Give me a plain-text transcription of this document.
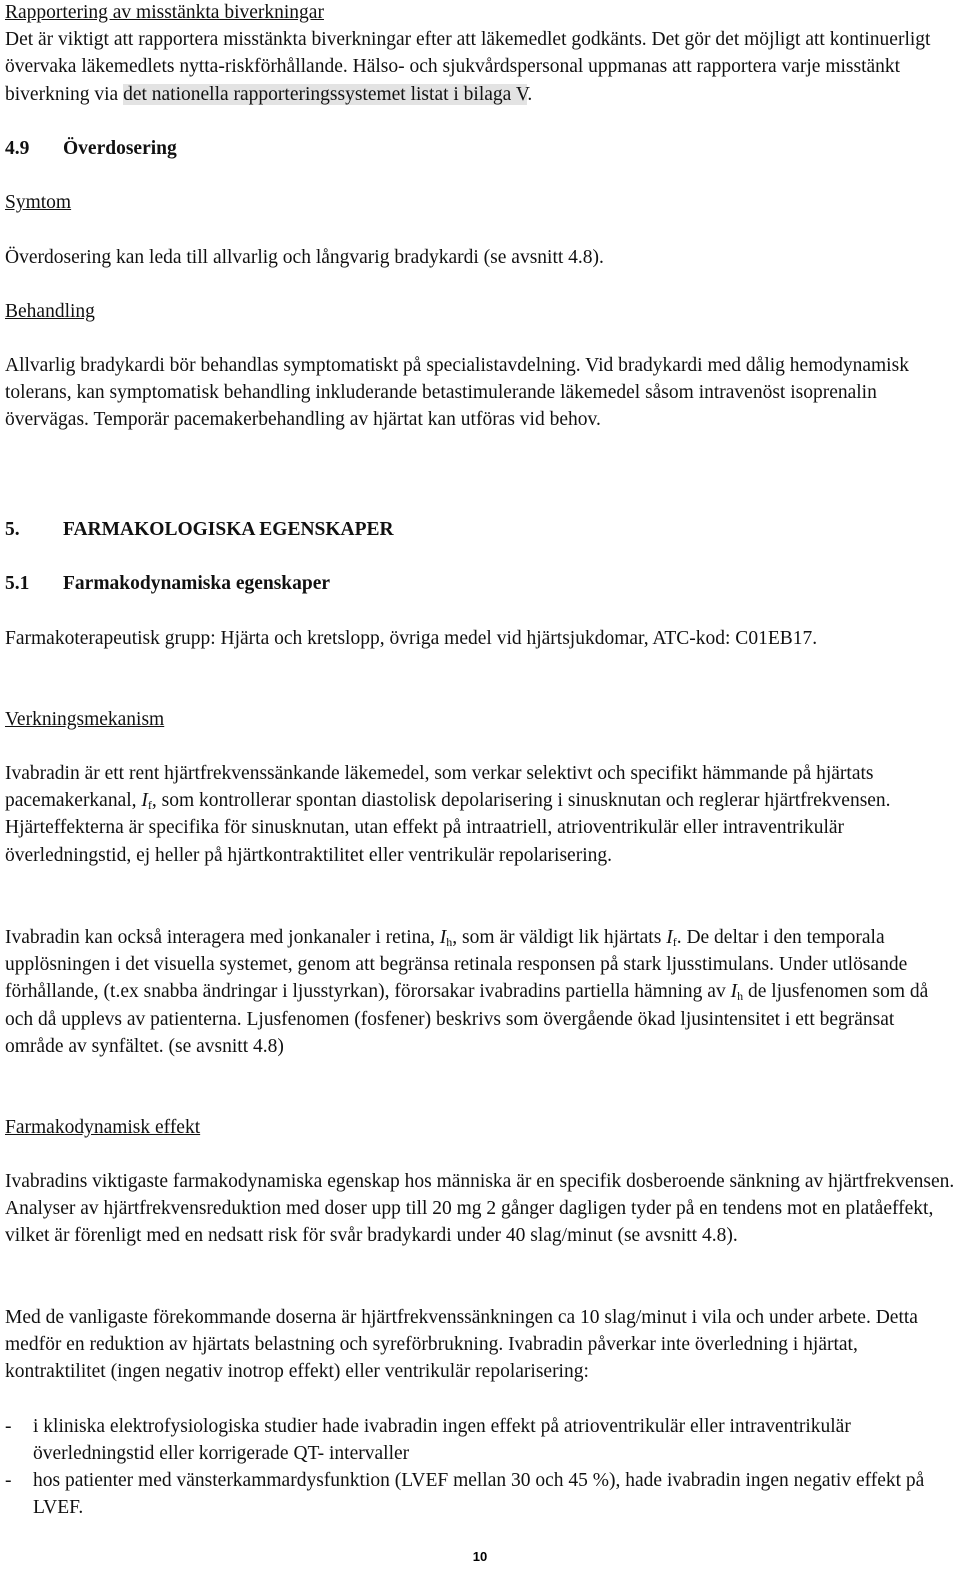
Rapportering av misstänkta biverkningar
Det är viktigt att rapportera misstänkta biverkningar efter att läkemedlet godkänts. Det gör det möjligt att kontinuerligt övervaka läkemedlets nytta-riskförhållande. Hälso- och sjukvårdspersonal uppmanas att rapportera varje misstänkt biverkning via det nationella rapporteringssystemet listat i bilaga V.

4.9 Överdosering
Symtom
Överdosering kan leda till allvarlig och långvarig bradykardi (se avsnitt 4.8).
Behandling

Allvarlig bradykardi bör behandlas symptomatiskt på specialistavdelning. Vid bradykardi med dålig hemodynamisk tolerans, kan symptomatisk behandling inkluderande betastimulerande läkemedel såsom intravenöst isoprenalin övervägas. Temporär pacemakerbehandling av hjärtat kan utföras vid behov.

5. FARMAKOLOGISKA EGENSKAPER
5.1 Farmakodynamiska egenskaper

Farmakoterapeutisk grupp: Hjärta och kretslopp, övriga medel vid hjärtsjukdomar, ATC-kod: C01EB17.

Verkningsmekanism

Ivabradin är ett rent hjärtfrekvenssänkande läkemedel, som verkar selektivt och specifikt hämmande på hjärtats pacemakerkanal, $I_f$, som kontrollerar spontan diastolisk depolarisering i sinusknutan och reglerar hjärtfrekvensen. Hjärteffekterna är specifika för sinusknutan, utan effekt på intraatriell, atrioventrikulär eller intraventrikulär överledningstid, ej heller på hjärtkontraktilitet eller ventrikulär repolarisering.

Ivabradin kan också interagera med jonkanaler i retina, $I_h$, som är väldigt lik hjärtats $I_f$. De deltar i den temporala upplösningen i det visuella systemet, genom att begränsa retinala responsen på stark ljusstimulans. Under utlösande förhållande, (t.ex snabba ändringar i ljusstyrkan), förorsakar ivabradins partiella hämning av $I_h$ de ljusfenomen som då och då upplevs av patienterna. Ljusfenomen (fosfener) beskrivs som övergående ökad ljusintensitet i ett begränsat område av synfältet. (se avsnitt 4.8)

Farmakodynamisk effekt

Ivabradins viktigaste farmakodynamiska egenskap hos människa är en specifik dosberoende sänkning av hjärtfrekvensen. Analyser av hjärtfrekvensreduktion med doser upp till 20 mg 2 gånger dagligen tyder på en tendens mot en platåeffekt, vilket är förenligt med en nedsatt risk för svår bradykardi under 40 slag/minut (se avsnitt 4.8).

Med de vanligaste förekommande doserna är hjärtfrekvenssänkningen ca 10 slag/minut i vila och under arbete. Detta medför en reduktion av hjärtats belastning och syreförbrukning. Ivabradin påverkar inte överledning i hjärtat, kontraktilitet (ingen negativ inotrop effekt) eller ventrikulär repolarisering:

- i kliniska elektrofysiologiska studier hade ivabradin ingen effekt på atrioventrikulär eller intraventrikulär överledningstid eller korrigerade QT- intervaller
- hos patienter med vänsterkammardysfunktion (LVEF mellan 30 och 45 %), hade ivabradin ingen negativ effekt på LVEF.
10
